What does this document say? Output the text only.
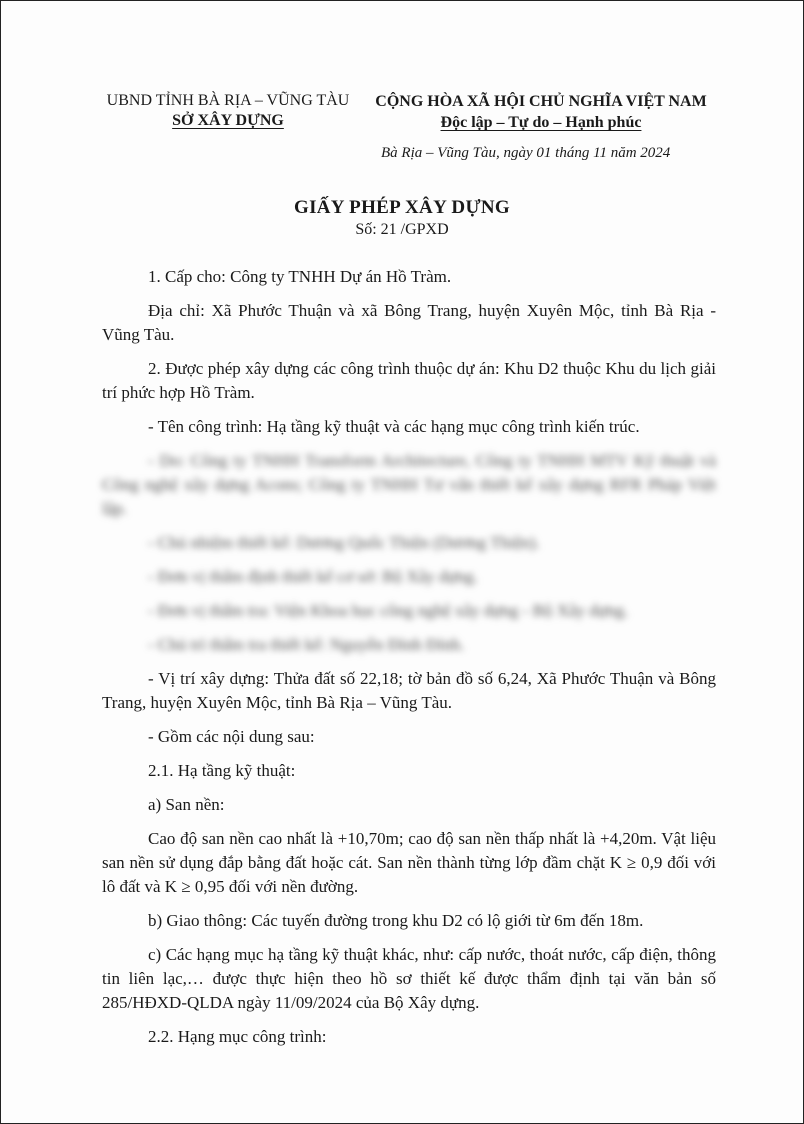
UBND TỈNH BÀ RỊA – VŨNG TÀU
SỞ XÂY DỰNG
CỘNG HÒA XÃ HỘI CHỦ NGHĨA VIỆT NAM
Độc lập – Tự do – Hạnh phúc
Bà Rịa – Vũng Tàu, ngày 01 tháng 11 năm 2024
GIẤY PHÉP XÂY DỰNG
Số: 21 /GPXD

1. Cấp cho: Công ty TNHH Dự án Hồ Tràm.

Địa chỉ: Xã Phước Thuận và xã Bông Trang, huyện Xuyên Mộc, tỉnh Bà Rịa - Vũng Tàu.

2. Được phép xây dựng các công trình thuộc dự án: Khu D2 thuộc Khu du lịch giải trí phức hợp Hồ Tràm.

- Tên công trình: Hạ tầng kỹ thuật và các hạng mục công trình kiến trúc.

- Do: Công ty TNHH Transform Architecture, Công ty TNHH MTV Kỹ thuật và Công nghệ xây dựng Acons; Công ty TNHH Tư vấn thiết kế xây dựng RFR Pháp Việt lập.

- Chủ nhiệm thiết kế: Dương Quốc Thiện (Dương Thiện).

- Đơn vị thẩm định thiết kế cơ sở: Bộ Xây dựng.

- Đơn vị thẩm tra: Viện Khoa học công nghệ xây dựng - Bộ Xây dựng.

- Chủ trì thẩm tra thiết kế: Nguyễn Đình Đính.

- Vị trí xây dựng: Thửa đất số 22,18; tờ bản đồ số 6,24, Xã Phước Thuận và Bông Trang, huyện Xuyên Mộc, tỉnh Bà Rịa – Vũng Tàu.

- Gồm các nội dung sau:

2.1. Hạ tầng kỹ thuật:

a) San nền:

Cao độ san nền cao nhất là +10,70m; cao độ san nền thấp nhất là +4,20m. Vật liệu san nền sử dụng đắp bằng đất hoặc cát. San nền thành từng lớp đầm chặt K ≥ 0,9 đối với lô đất và K ≥ 0,95 đối với nền đường.

b) Giao thông: Các tuyến đường trong khu D2 có lộ giới từ 6m đến 18m.

c) Các hạng mục hạ tầng kỹ thuật khác, như: cấp nước, thoát nước, cấp điện, thông tin liên lạc,… được thực hiện theo hồ sơ thiết kế được thẩm định tại văn bản số 285/HĐXD-QLDA ngày 11/09/2024 của Bộ Xây dựng.

2.2. Hạng mục công trình:
